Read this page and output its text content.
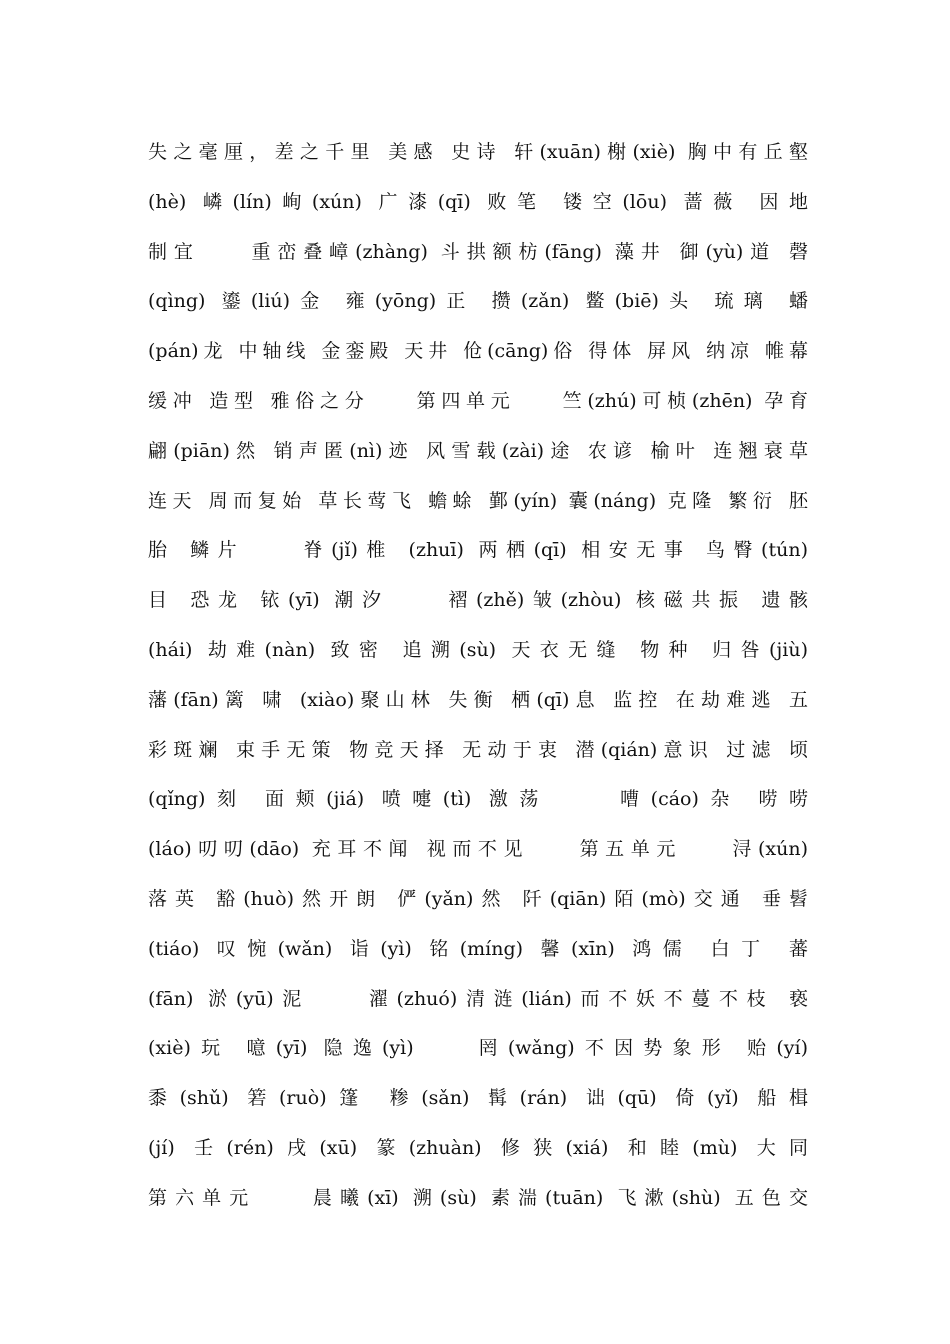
失之毫厘，差之千里 美感 史诗 轩(xuān)榭(xiè) 胸中有丘壑
(hè) 嶙(lín)峋(xún) 广漆(qī) 败笔 镂空(lōu) 蔷薇 因地
制宜    重峦叠嶂(zhàng) 斗拱额枋(fāng) 藻井 御(yù)道 磬
(qìng) 鎏(liú)金 雍(yōng)正 攒(zǎn) 鳖(biē)头 琉璃 蟠
(pán)龙 中轴线 金銮殿 天井 伧(cāng)俗 得体 屏风 纳凉 帷幕
缓冲 造型 雅俗之分    第四单元    竺(zhú)可桢(zhēn) 孕育
翩(piān)然 销声匿(nì)迹 风雪载(zài)途 农谚 榆叶 连翘衰草
连天 周而复始 草长莺飞 蟾蜍 鄞(yín) 囊(náng) 克隆 繁衍 胚
胎 鳞片    脊(jǐ)椎 (zhuī) 两栖(qī) 相安无事 鸟臀(tún)
目 恐龙 铱(yī) 潮汐    褶(zhě)皱(zhòu) 核磁共振 遗骸
(hái) 劫难(nàn) 致密 追溯(sù) 天衣无缝 物种 归咎(jiù)
藩(fān)篱 啸 (xiào)聚山林 失衡 栖(qī)息 监控 在劫难逃 五
彩斑斓 束手无策 物竞天择 无动于衷 潜(qián)意识 过滤 顷
(qǐng)刻 面颊(jiá) 喷嚏(tì) 激荡    嘈(cáo)杂 唠唠
(láo)叨叨(dāo) 充耳不闻 视而不见    第五单元    浔(xún)
落英 豁(huò)然开朗 俨(yǎn)然 阡(qiān)陌(mò)交通 垂髫
(tiáo) 叹惋(wǎn) 诣(yì) 铭(míng) 馨(xīn) 鸿儒 白丁 蕃
(fān) 淤(yū)泥    濯(zhuó)清涟(lián)而不妖不蔓不枝 亵
(xiè)玩 噫(yī) 隐逸(yì)    罔(wǎng)不因势象形 贻(yí)
黍(shǔ) 箬(ruò)篷 糁(sǎn) 髯(rán) 诎(qū) 倚(yǐ) 船楫
(jí) 壬(rén)戌(xū) 篆(zhuàn) 修狭(xiá) 和睦(mù) 大同
第六单元    晨曦(xī) 溯(sù) 素湍(tuān) 飞漱(shù) 五色交
